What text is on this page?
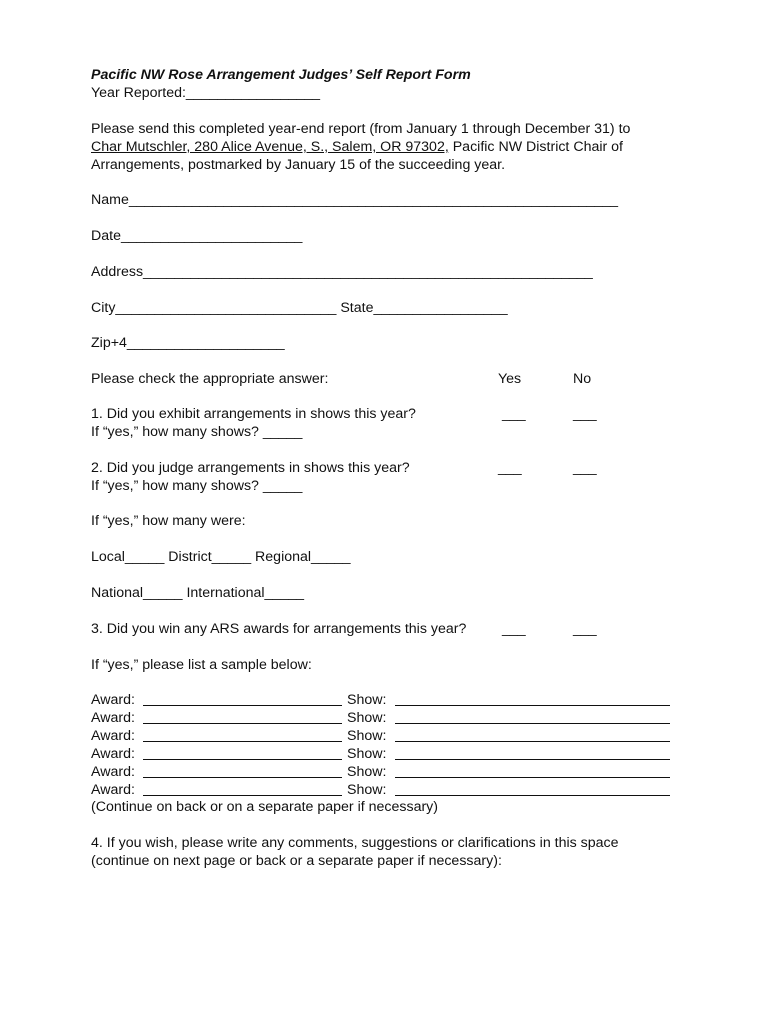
Pacific NW Rose Arrangement Judges’ Self Report Form
Year Reported:_________________
Please send this completed year-end report (from January 1 through December 31) to
Char Mutschler, 280 Alice Avenue, S., Salem, OR 97302, Pacific NW District Chair of
Arrangements, postmarked by January 15 of the succeeding year.
Name______________________________________________________________
Date_______________________
Address_________________________________________________________
City____________________________ State_________________
Zip+4____________________
Please check the appropriate answer:	Yes	No
1. Did you exhibit arrangements in shows this year?	___	___
If “yes,” how many shows? _____
2. Did you judge arrangements in shows this year?	___	___
If “yes,” how many shows? _____
If “yes,” how many were:
Local_____ District_____ Regional_____
National_____ International_____
3. Did you win any ARS awards for arrangements this year?	___	___
If “yes,” please list a sample below:
Award:	Show:
Award:	Show:
Award:	Show:
Award:	Show:
Award:	Show:
Award:	Show:
(Continue on back or on a separate paper if necessary)
4. If you wish, please write any comments, suggestions or clarifications in this space
(continue on next page or back or a separate paper if necessary):
